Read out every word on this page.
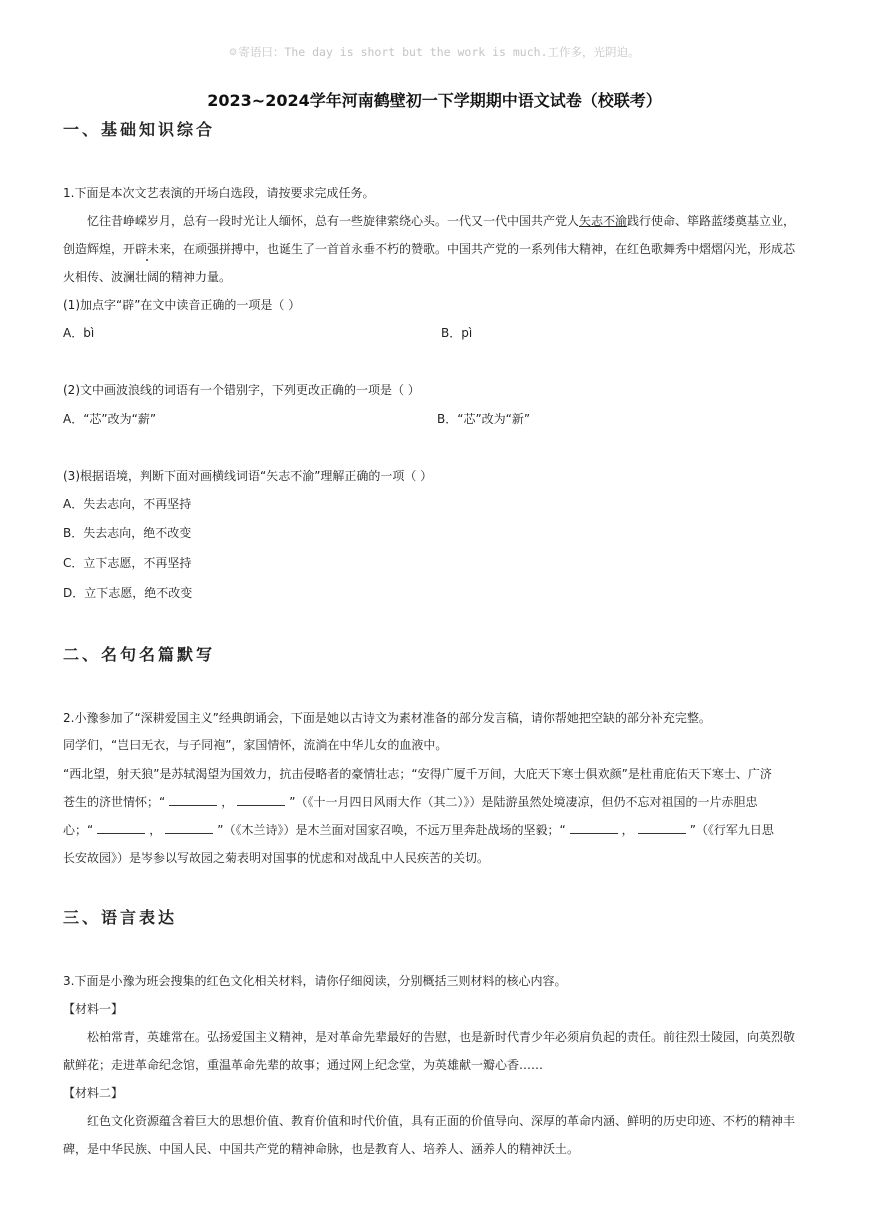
☺ 寄语曰：The day is short but the work is much.工作多，光阴迫。
2023~2024学年河南鹤壁初一下学期期中语文试卷（校联考）
一、基础知识综合
1.下面是本次文艺表演的开场白选段，请按要求完成任务。
忆往昔峥嵘岁月，总有一段时光让人缅怀，总有一些旋律萦绕心头。一代又一代中国共产党人矢志不渝践行使命、筚路蓝缕奠基立业，
创造辉煌，开辟未来，在顽强拼搏中，也诞生了一首首永垂不朽的赞歌。中国共产党的一系列伟大精神，在红色歌舞秀中熠熠闪光，形成芯
火相传、波澜壮阔的精神力量。
(1)加点字“辟”在文中读音正确的一项是（ ）
A．bì	B．pì
(2)文中画波浪线的词语有一个错别字，下列更改正确的一项是（ ）
A．“芯”改为“薪”	B．“芯”改为“新”
(3)根据语境，判断下面对画横线词语“矢志不渝”理解正确的一项（ ）
A．失去志向，不再坚持
B．失去志向，绝不改变
C．立下志愿，不再坚持
D．立下志愿，绝不改变
二、名句名篇默写
2.小豫参加了“深耕爱国主义”经典朗诵会，下面是她以古诗文为素材准备的部分发言稿，请你帮她把空缺的部分补充完整。
同学们，“岂曰无衣，与子同袍”，家国情怀，流淌在中华儿女的血液中。
“西北望，射天狼”是苏轼渴望为国效力，抗击侵略者的豪情壮志；“安得广厦千万间，大庇天下寒士俱欢颜”是杜甫庇佑天下寒士、广济
苍生的济世情怀；“	，	”（《十一月四日风雨大作（其二）》）是陆游虽然处境凄凉，但仍不忘对祖国的一片赤胆忠
心；“	，	”（《木兰诗》）是木兰面对国家召唤，不远万里奔赴战场的坚毅；“	，	”（《行军九日思
长安故园》）是岑参以写故园之菊表明对国事的忧虑和对战乱中人民疾苦的关切。
三、语言表达
3.下面是小豫为班会搜集的红色文化相关材料，请你仔细阅读，分别概括三则材料的核心内容。
【材料一】
松柏常青，英雄常在。弘扬爱国主义精神，是对革命先辈最好的告慰，也是新时代青少年必须肩负起的责任。前往烈士陵园，向英烈敬
献鲜花；走进革命纪念馆，重温革命先辈的故事；通过网上纪念堂，为英雄献一瓣心香……
【材料二】
红色文化资源蕴含着巨大的思想价值、教育价值和时代价值，具有正面的价值导向、深厚的革命内涵、鲜明的历史印迹、不朽的精神丰
碑，是中华民族、中国人民、中国共产党的精神命脉，也是教育人、培养人、涵养人的精神沃土。
